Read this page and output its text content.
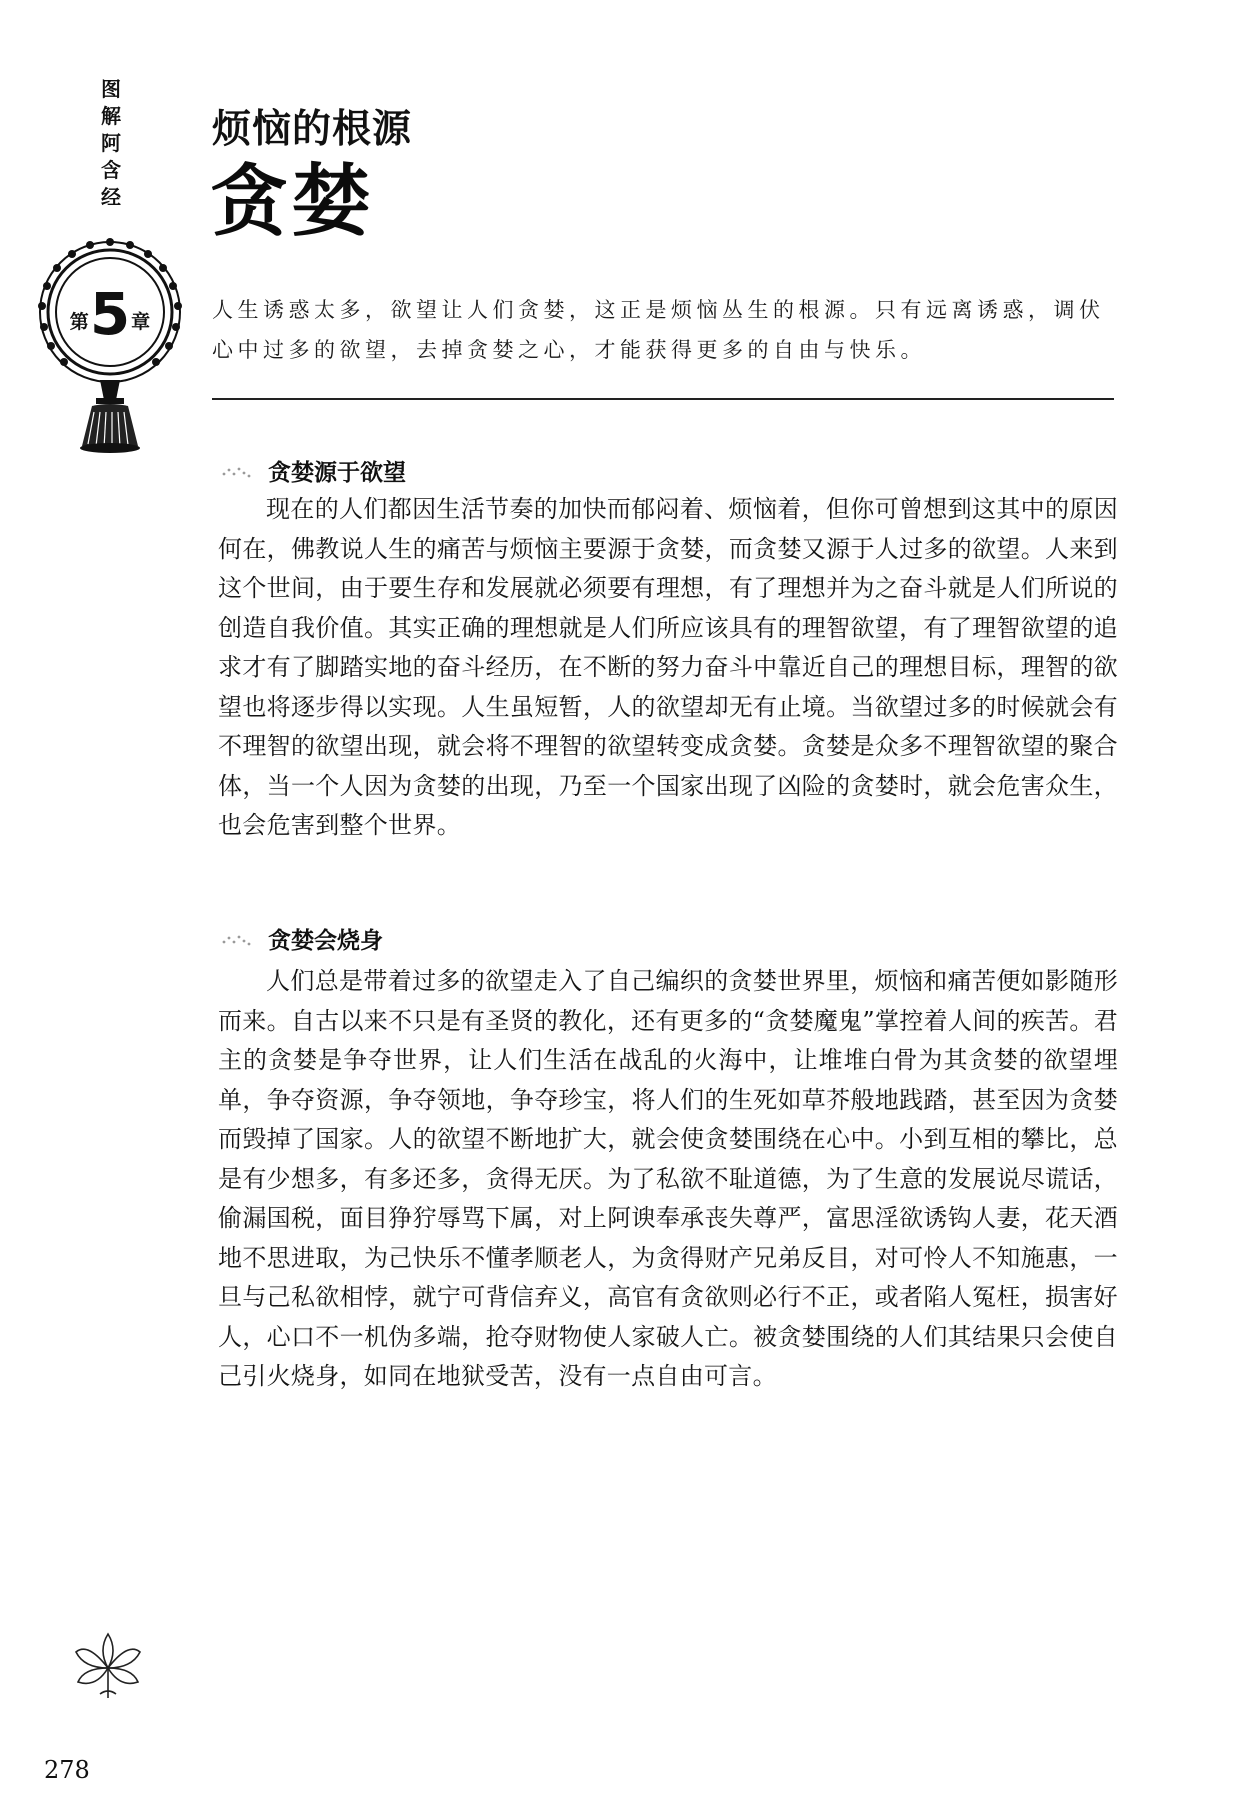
图
解
阿
含
经
第5章
烦恼的根源
贪婪
人生诱惑太多，欲望让人们贪婪，这正是烦恼丛生的根源。只有远离诱惑，调伏心中过多的欲望，去掉贪婪之心，才能获得更多的自由与快乐。
贪婪源于欲望
现在的人们都因生活节奏的加快而郁闷着、烦恼着，但你可曾想到这其中的原因何在，佛教说人生的痛苦与烦恼主要源于贪婪，而贪婪又源于人过多的欲望。人来到这个世间，由于要生存和发展就必须要有理想，有了理想并为之奋斗就是人们所说的创造自我价值。其实正确的理想就是人们所应该具有的理智欲望，有了理智欲望的追求才有了脚踏实地的奋斗经历，在不断的努力奋斗中靠近自己的理想目标，理智的欲望也将逐步得以实现。人生虽短暂，人的欲望却无有止境。当欲望过多的时候就会有不理智的欲望出现，就会将不理智的欲望转变成贪婪。贪婪是众多不理智欲望的聚合体，当一个人因为贪婪的出现，乃至一个国家出现了凶险的贪婪时，就会危害众生，也会危害到整个世界。
贪婪会烧身
人们总是带着过多的欲望走入了自己编织的贪婪世界里，烦恼和痛苦便如影随形而来。自古以来不只是有圣贤的教化，还有更多的“贪婪魔鬼”掌控着人间的疾苦。君主的贪婪是争夺世界，让人们生活在战乱的火海中，让堆堆白骨为其贪婪的欲望埋单，争夺资源，争夺领地，争夺珍宝，将人们的生死如草芥般地践踏，甚至因为贪婪而毁掉了国家。人的欲望不断地扩大，就会使贪婪围绕在心中。小到互相的攀比，总是有少想多，有多还多，贪得无厌。为了私欲不耻道德，为了生意的发展说尽谎话，偷漏国税，面目狰狞辱骂下属，对上阿谀奉承丧失尊严，富思淫欲诱钩人妻，花天酒地不思进取，为己快乐不懂孝顺老人，为贪得财产兄弟反目，对可怜人不知施惠，一旦与己私欲相悖，就宁可背信弃义，高官有贪欲则必行不正，或者陷人冤枉，损害好人，心口不一机伪多端，抢夺财物使人家破人亡。被贪婪围绕的人们其结果只会使自己引火烧身，如同在地狱受苦，没有一点自由可言。
278
